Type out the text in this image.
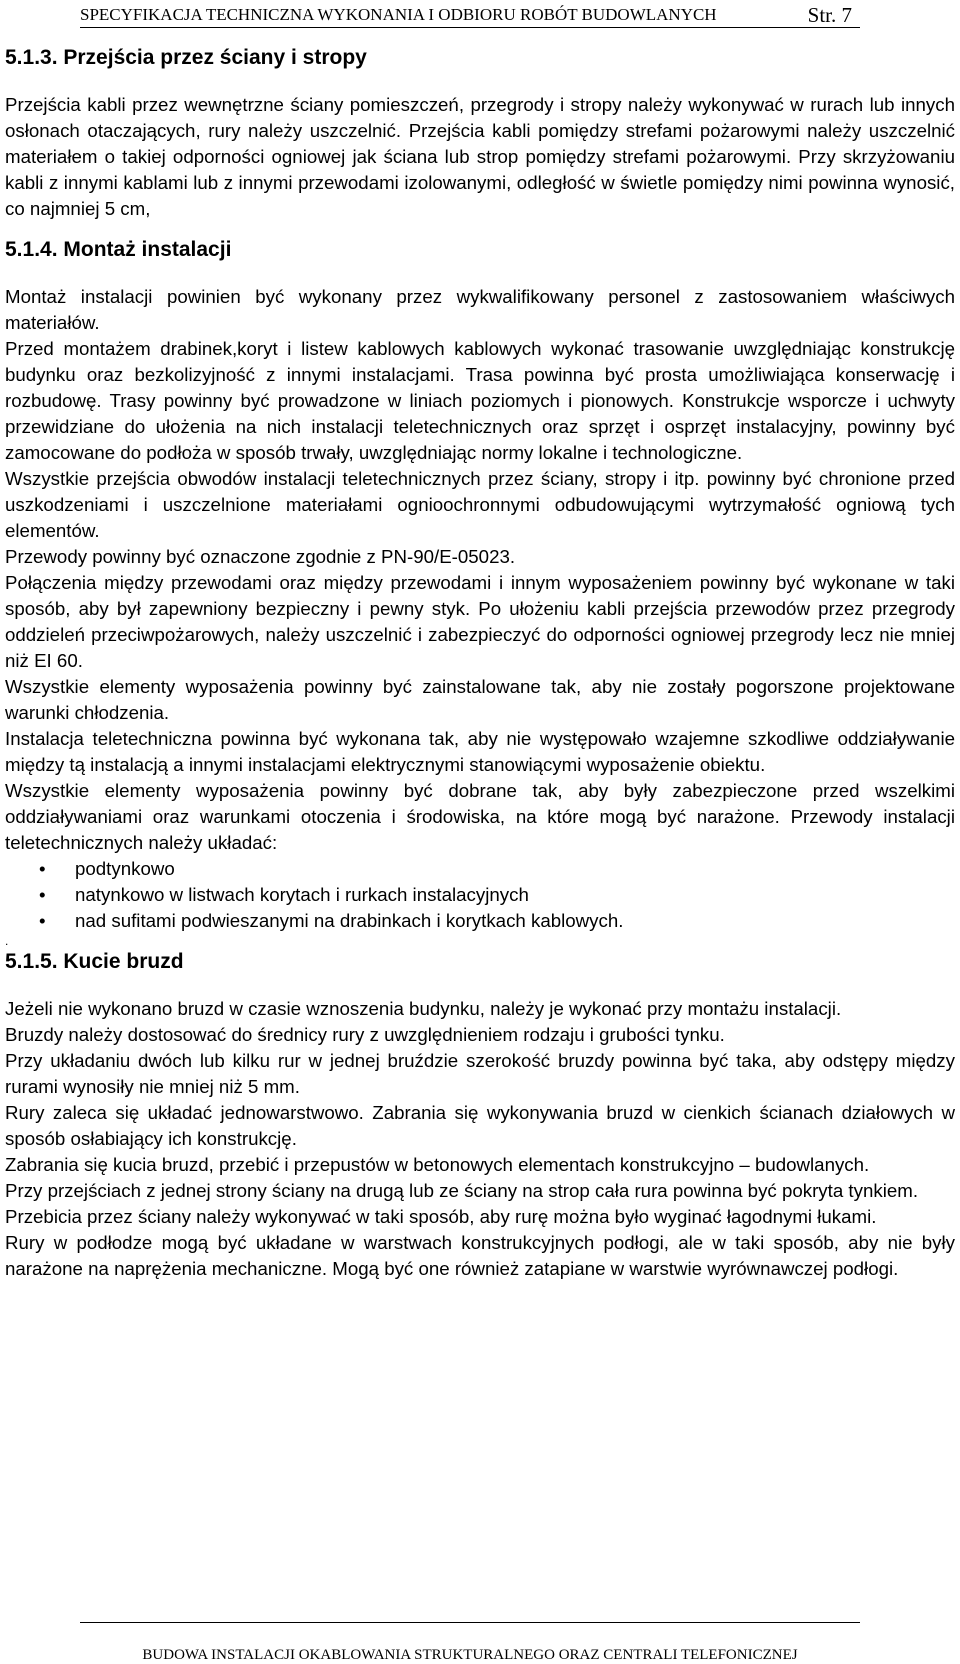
SPECYFIKACJA TECHNICZNA WYKONANIA I ODBIORU ROBÓT BUDOWLANYCH	Str. 7
5.1.3. Przejścia przez ściany i stropy

Przejścia kabli przez wewnętrzne ściany pomieszczeń, przegrody i stropy należy wykonywać w rurach lub innych osłonach otaczających, rury należy uszczelnić. Przejścia kabli pomiędzy strefami pożarowymi należy uszczelnić materiałem o takiej odporności ogniowej jak ściana lub strop pomiędzy strefami pożarowymi. Przy skrzyżowaniu kabli z innymi kablami lub z innymi przewodami izolowanymi, odległość w świetle pomiędzy nimi powinna wynosić, co najmniej 5 cm,

5.1.4. Montaż instalacji

Montaż instalacji powinien być wykonany przez wykwalifikowany personel z zastosowaniem właściwych materiałów.

Przed montażem drabinek,koryt i listew kablowych kablowych wykonać trasowanie uwzględniając konstrukcję budynku oraz bezkolizyjność z innymi instalacjami. Trasa powinna być prosta umożliwiająca konserwację i rozbudowę. Trasy powinny być prowadzone w liniach poziomych i pionowych. Konstrukcje wsporcze i uchwyty przewidziane do ułożenia na nich instalacji teletechnicznych oraz sprzęt i osprzęt instalacyjny, powinny być zamocowane do podłoża w sposób trwały, uwzględniając normy lokalne i technologiczne.

Wszystkie przejścia obwodów instalacji teletechnicznych przez ściany, stropy i itp. powinny być chronione przed uszkodzeniami i uszczelnione materiałami ognioochronnymi odbudowującymi wytrzymałość ogniową tych elementów.

Przewody powinny być oznaczone zgodnie z PN-90/E-05023.

Połączenia między przewodami oraz między przewodami i innym wyposażeniem powinny być wykonane w taki sposób, aby był zapewniony bezpieczny i pewny styk. Po ułożeniu kabli przejścia przewodów przez przegrody oddzieleń przeciwpożarowych, należy uszczelnić i zabezpieczyć do odporności ogniowej przegrody lecz nie mniej niż EI 60.

Wszystkie elementy wyposażenia powinny być zainstalowane tak, aby nie zostały pogorszone projektowane warunki chłodzenia.

Instalacja teletechniczna powinna być wykonana tak, aby nie występowało wzajemne szkodliwe oddziaływanie między tą instalacją a innymi instalacjami elektrycznymi stanowiącymi wyposażenie obiektu.

Wszystkie elementy wyposażenia powinny być dobrane tak, aby były zabezpieczone przed wszelkimi oddziaływaniami oraz warunkami otoczenia i środowiska, na które mogą być narażone. Przewody instalacji teletechnicznych należy układać:

• podtynkowo
• natynkowo w listwach korytach i rurkach instalacyjnych
• nad sufitami podwieszanymi na drabinkach i korytkach kablowych.
.
5.1.5. Kucie bruzd

Jeżeli nie wykonano bruzd w czasie wznoszenia budynku, należy je wykonać przy montażu instalacji.

Bruzdy należy dostosować do średnicy rury z uwzględnieniem rodzaju i grubości tynku.

Przy układaniu dwóch lub kilku rur w jednej bruździe szerokość bruzdy powinna być taka, aby odstępy między rurami wynosiły nie mniej niż 5 mm.

Rury zaleca się układać jednowarstwowo. Zabrania się wykonywania bruzd w cienkich ścianach działowych w sposób osłabiający ich konstrukcję.

Zabrania się kucia bruzd, przebić i przepustów w betonowych elementach konstrukcyjno – budowlanych.

Przy przejściach z jednej strony ściany na drugą lub ze ściany na strop cała rura powinna być pokryta tynkiem.

Przebicia przez ściany należy wykonywać w taki sposób, aby rurę można było wyginać łagodnymi łukami.

Rury w podłodze mogą być układane w warstwach konstrukcyjnych podłogi, ale w taki sposób, aby nie były narażone na naprężenia mechaniczne. Mogą być one również zatapiane w warstwie wyrównawczej podłogi.

BUDOWA INSTALACJI OKABLOWANIA STRUKTURALNEGO ORAZ CENTRALI TELEFONICZNEJ
